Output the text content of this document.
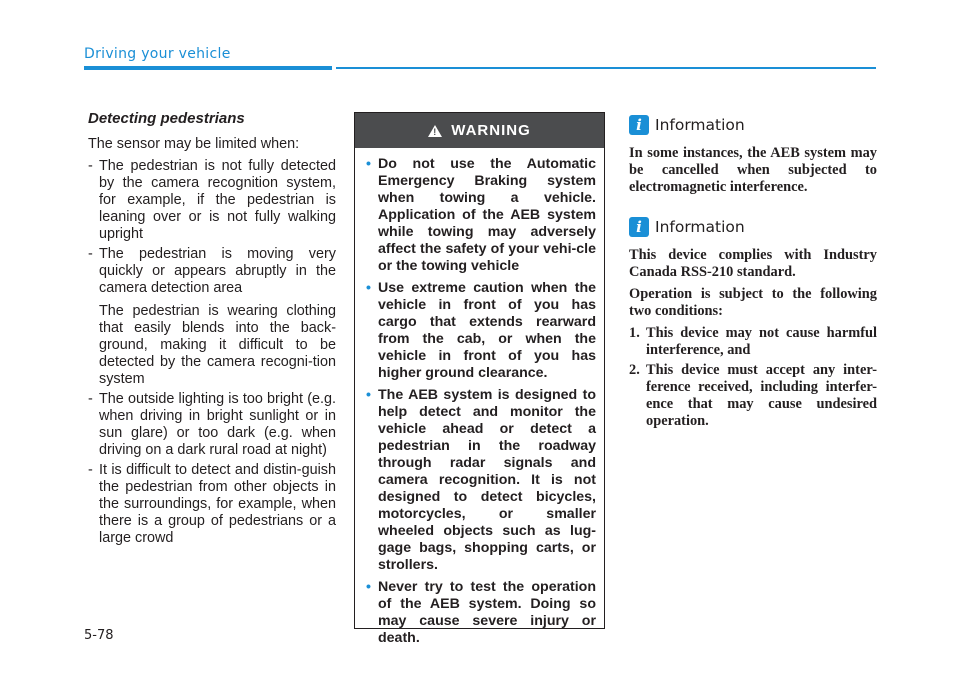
Driving your vehicle
Detecting pedestrians
The sensor may be limited when:
- The pedestrian is not fully detected by the camera recognition system, for example, if the pedestrian is leaning over or is not fully walking upright
- The pedestrian is moving very quickly or appears abruptly in the camera detection area
The pedestrian is wearing clothing that easily blends into the back-ground, making it difficult to be detected by the camera recogni-tion system
- The outside lighting is too bright (e.g. when driving in bright sunlight or in sun glare) or too dark (e.g. when driving on a dark rural road at night)
- It is difficult to detect and distin-guish the pedestrian from other objects in the surroundings, for example, when there is a group of pedestrians or a large crowd
! WARNING
• Do not use the Automatic Emergency Braking system when towing a vehicle. Application of the AEB system while towing may adversely affect the safety of your vehi-cle or the towing vehicle
• Use extreme caution when the vehicle in front of you has cargo that extends rearward from the cab, or when the vehicle in front of you has higher ground clearance.
• The AEB system is designed to help detect and monitor the vehicle ahead or detect a pedestrian in the roadway through radar signals and camera recognition. It is not designed to detect bicycles, motorcycles, or smaller wheeled objects such as lug-gage bags, shopping carts, or strollers.
• Never try to test the operation of the AEB system. Doing so may cause severe injury or death.
i Information
In some instances, the AEB system may be cancelled when subjected to electromagnetic interference.
i Information
This device complies with Industry Canada RSS-210 standard.
Operation is subject to the following two conditions:
1. This device may not cause harmful interference, and
2. This device must accept any inter-ference received, including interfer-ence that may cause undesired operation.
5-78
